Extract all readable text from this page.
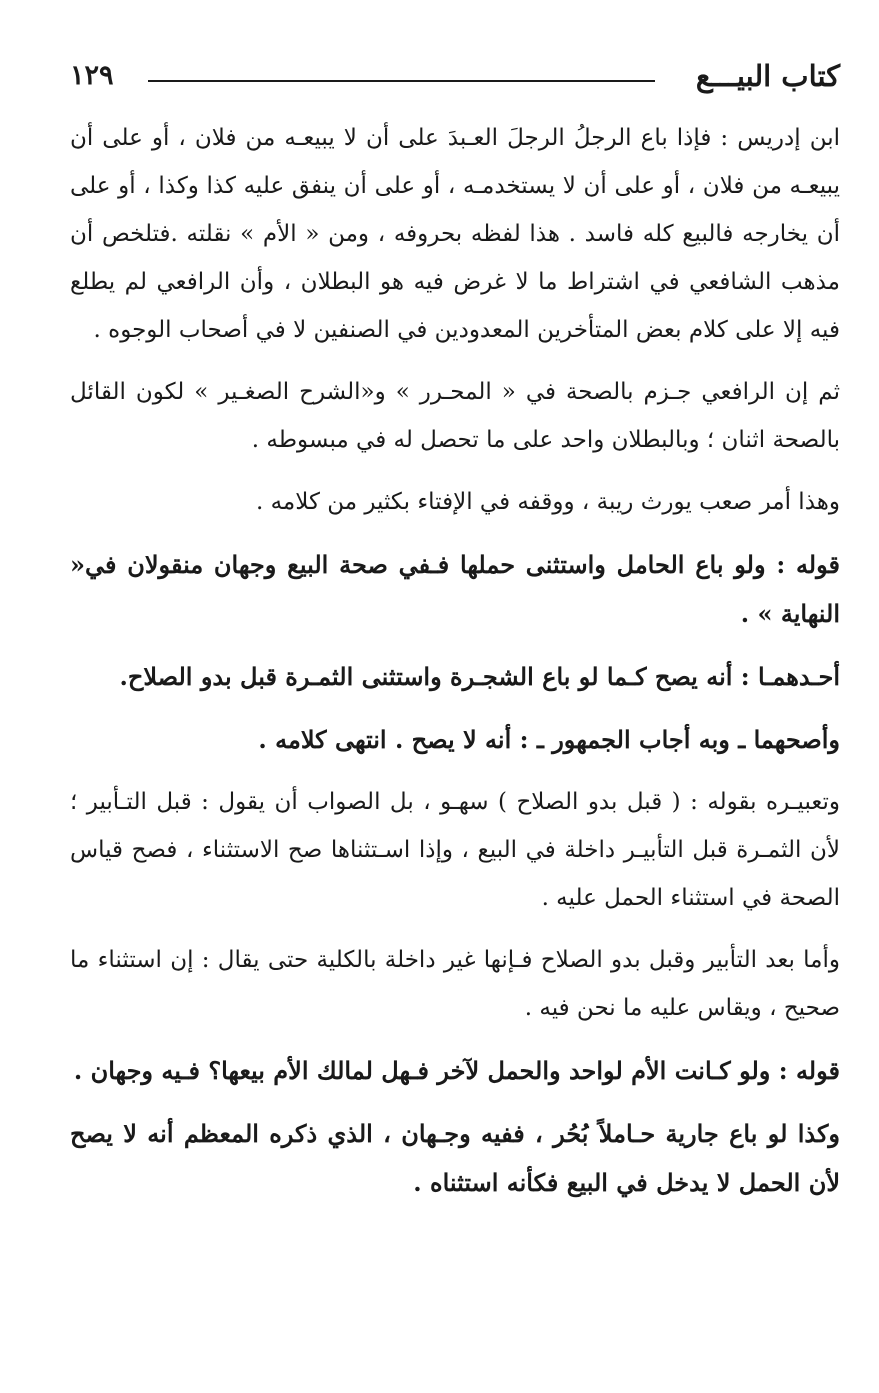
كتاب البيـــع
١٢٩

ابن إدريس : فإذا باع الرجلُ الرجلَ العـبدَ على أن لا يبيعـه من فلان ، أو على أن يبيعـه من فلان ، أو على أن لا يستخدمـه ، أو على أن ينفق عليه كذا وكذا ، أو على أن يخارجه فالبيع كله فاسد . هذا لفظه بحروفه ، ومن « الأم » نقلته .فتلخص أن مذهب الشافعي في اشتراط ما لا غرض فيه هو البطلان ، وأن الرافعي لم يطلع فيه إلا على كلام بعض المتأخرين المعدودين في الصنفين لا في أصحاب الوجوه .

ثم إن الرافعي جـزم بالصحة في « المحـرر » و«الشرح الصغـير » لكون القائل بالصحة اثنان ؛ وبالبطلان واحد على ما تحصل له في مبسوطه .

وهذا أمر صعب يورث ريبة ، ووقفه في الإفتاء بكثير من كلامه .

قوله : ولو باع الحامل واستثنى حملها فـفي صحة البيع وجهان منقولان في« النهاية » .

أحـدهمـا : أنه يصح كـما لو باع الشجـرة واستثنى الثمـرة قبل بدو الصلاح.

وأصحهما ـ وبه أجاب الجمهور ـ : أنه لا يصح . انتهى كلامه .

وتعبيـره بقوله : ( قبل بدو الصلاح ) سهـو ، بل الصواب أن يقول : قبل التـأبير ؛ لأن الثمـرة قبل التأبيـر داخلة في البيع ، وإذا اسـتثناها صح الاستثناء ، فصح قياس الصحة في استثناء الحمل عليه .

وأما بعد التأبير وقبل بدو الصلاح فـإنها غير داخلة بالكلية حتى يقال : إن استثناء ما صحيح ، ويقاس عليه ما نحن فيه .

قوله : ولو كـانت الأم لواحد والحمل لآخر فـهل لمالك الأم بيعها؟ فـيه وجهان .

وكذا لو باع جارية حـاملاً بُحُر ، ففيه وجـهان ، الذي ذكره المعظم أنه لا يصح لأن الحمل لا يدخل في البيع فكأنه استثناه .
